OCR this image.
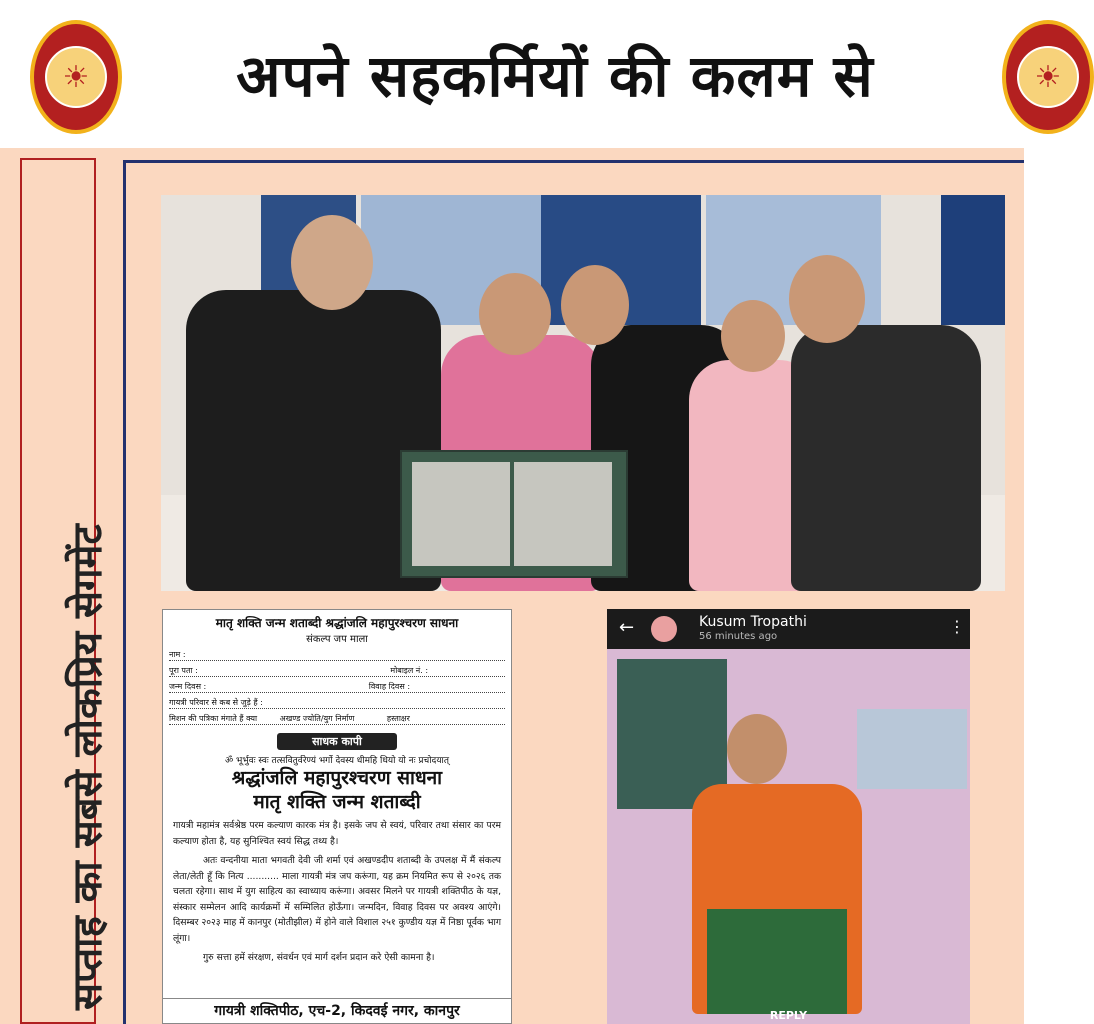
☀	अपने सहकर्मियों की कलम से	☀
सप्ताह का सबसे लोकप्रिय सेगमेंट	मातृ शक्ति जन्म शताब्दी श्रद्धांजलि महापुरश्चरण साधना
संकल्प जप माला
नाम :
पूरा पता :	मोबाइल नं. :
जन्म दिवस :	विवाह दिवस :
गायत्री परिवार से कब से जुड़े हैं :
मिशन की पत्रिका मंगाते हैं क्या	अखण्ड ज्योति/युग निर्माण	हस्ताक्षर
साधक कापी
ॐ भूर्भुवः स्वः तत्सवितुर्वरेण्यं भर्गो देवस्य धीमहि धियो यो नः प्रचोदयात्
श्रद्धांजलि महापुरश्चरण साधना
मातृ शक्ति जन्म शताब्दी
गायत्री महामंत्र सर्वश्रेष्ठ परम कल्याण कारक मंत्र है। इसके जप से स्वयं, परिवार तथा संसार का परम कल्याण होता है, यह सुनिश्चित स्वयं सिद्ध तथ्य है।
अतः वन्दनीया माता भगवती देवी जी शर्मा एवं अखण्डदीप शताब्दी के उपलक्ष में मैं संकल्प लेता/लेती हूँ कि नित्य ........... माला गायत्री मंत्र जप करूंगा, यह क्रम नियमित रूप से २०२६ तक चलता रहेगा। साथ में युग साहित्य का स्वाध्याय करूंगा। अवसर मिलने पर गायत्री शक्तिपीठ के यज्ञ, संस्कार सम्मेलन आदि कार्यक्रमों में सम्मिलित होऊँगा। जन्मदिन, विवाह दिवस पर अवश्य आएंगे। दिसम्बर २०२३ माह में कानपुर (मोतीझील) में होने वाले विशाल २५१ कुण्डीय यज्ञ में निष्ठा पूर्वक भाग लूंगा।
गुरु सत्ता हमें संरक्षण, संवर्धन एवं मार्ग दर्शन प्रदान करे ऐसी कामना है।
गायत्री शक्तिपीठ, एच-2, किदवई नगर, कानपुर
←	Kusum Tropathi
56 minutes ago
⋮
REPLY
